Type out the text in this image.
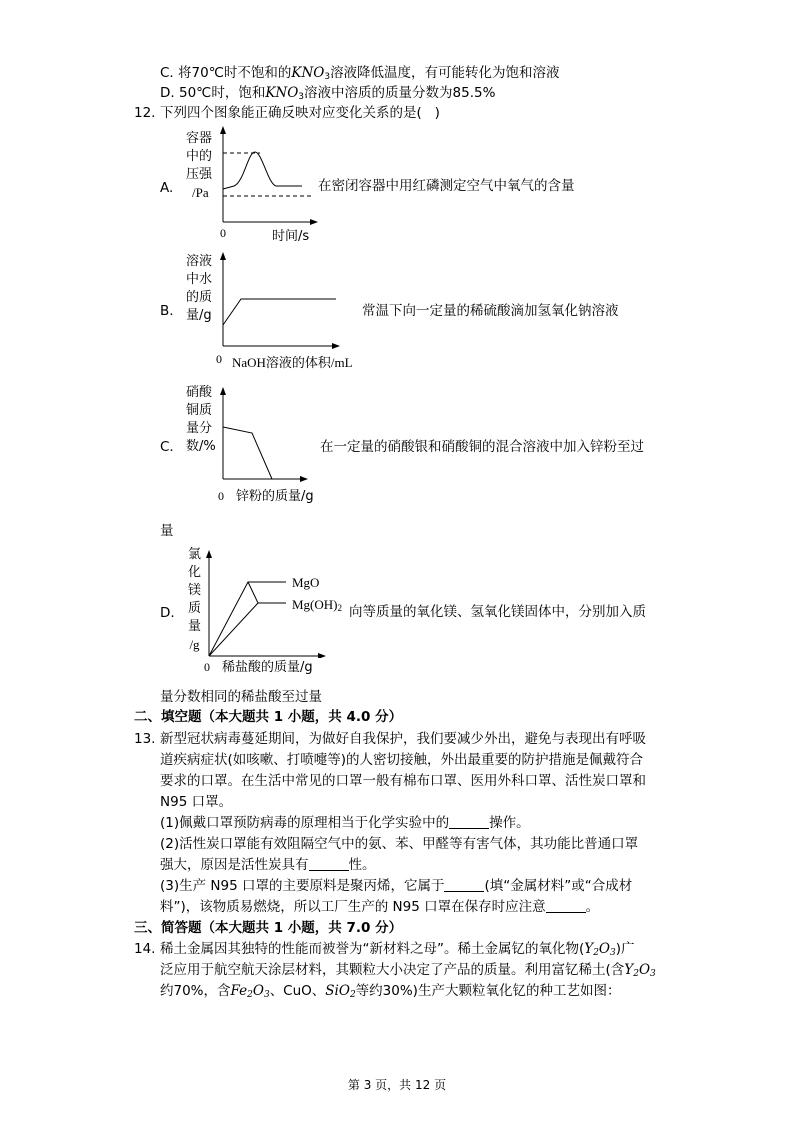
C. 将70℃时不饱和的$KNO_3$溶液降低温度，有可能转化为饱和溶液
D. 50℃时，饱和$KNO_3$溶液中溶质的质量分数为85.5%
12. 下列四个图象能正确反映对应变化关系的是(   )
A.
容器
中的
压强
/Pa
0	时间/s
在密闭容器中用红磷测定空气中氧气的含量
B.
溶液
中水
的质
量/g
0 NaOH溶液的体积/mL
常温下向一定量的稀硫酸滴加氢氧化钠溶液
C.
硝酸
铜质
量分
数/%
0 锌粉的质量/g
在一定量的硝酸银和硝酸铜的混合溶液中加入锌粉至过
量
D.
氯
化
镁
质
量
/g
MgO
$Mg(OH)_2$
0 稀盐酸的质量/g
向等质量的氧化镁、氢氧化镁固体中，分别加入质
量分数相同的稀盐酸至过量
二、填空题（本大题共 1 小题，共 4.0 分）
13. 新型冠状病毒蔓延期间，为做好自我保护，我们要减少外出，避免与表现出有呼吸
道疾病症状(如咳嗽、打喷嚏等)的人密切接触，外出最重要的防护措施是佩戴符合
要求的口罩。在生活中常见的口罩一般有棉布口罩、医用外科口罩、活性炭口罩和
N95 口罩。
(1)佩戴口罩预防病毒的原理相当于化学实验中的	操作。
(2)活性炭口罩能有效阻隔空气中的氨、苯、甲醛等有害气体，其功能比普通口罩
强大，原因是活性炭具有	性。
(3)生产 N95 口罩的主要原料是聚丙烯，它属于	(填“金属材料”或“合成材
料”)，该物质易燃烧，所以工厂生产的 N95 口罩在保存时应注意	。
三、简答题（本大题共 1 小题，共 7.0 分）
14. 稀土金属因其独特的性能而被誉为“新材料之母”。稀土金属钇的氧化物$(Y_2O_3)$广
泛应用于航空航天涂层材料，其颗粒大小决定了产品的质量。利用富钇稀土(含$Y_2O_3$
约70%，含$Fe_2O_3$、CuO、SiO$_2$等约30%)生产大颗粒氧化钇的种工艺如图：
第 3 页，共 12 页
